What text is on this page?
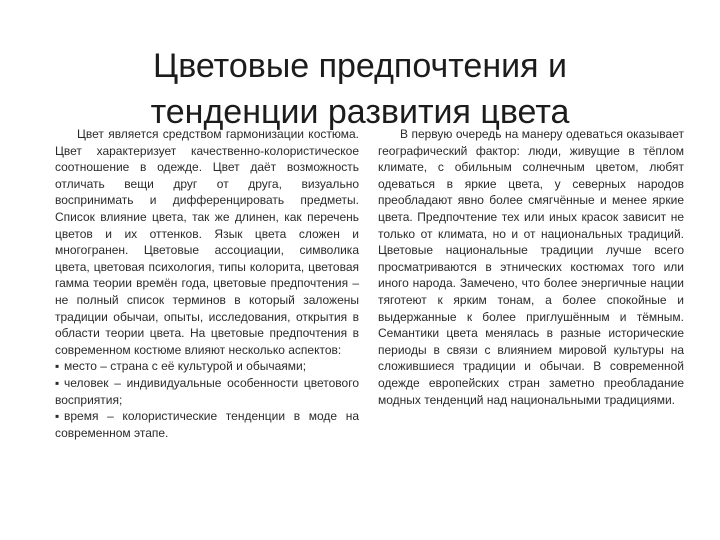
Цветовые предпочтения и
тенденции развития цвета

Цвет является средством гармонизации костюма. Цвет характеризует качественно-колористическое соотношение в одежде. Цвет даёт возможность отличать вещи друг от друга, визуально воспринимать и дифференцировать предметы. Список влияние цвета, так же длинен, как перечень цветов и их оттенков. Язык цвета сложен и многогранен. Цветовые ассоциации, символика цвета, цветовая психология, типы колорита, цветовая гамма теории времён года, цветовые предпочтения – не полный список терминов в который заложены традиции обычаи, опыты, исследования, открытия в области теории цвета. На цветовые предпочтения в современном костюме влияют несколько аспектов:

▪ место – страна с её культурой и обычаями;
▪ человек – индивидуальные особенности цветового восприятия;
▪ время – колористические тенденции в моде на современном этапе.

В первую очередь на манеру одеваться оказывает географический фактор: люди, живущие в тёплом климате, с обильным солнечным цветом, любят одеваться в яркие цвета, у северных народов преобладают явно более смягчённые и менее яркие цвета. Предпочтение тех или иных красок зависит не только от климата, но и от национальных традиций. Цветовые национальные традиции лучше всего просматриваются в этнических костюмах того или иного народа. Замечено, что более энергичные нации тяготеют к ярким тонам, а более спокойные и выдержанные к более приглушённым и тёмным. Семантики цвета менялась в разные исторические периоды в связи с влиянием мировой культуры на сложившиеся традиции и обычаи. В современной одежде европейских стран заметно преобладание модных тенденций над национальными традициями.
